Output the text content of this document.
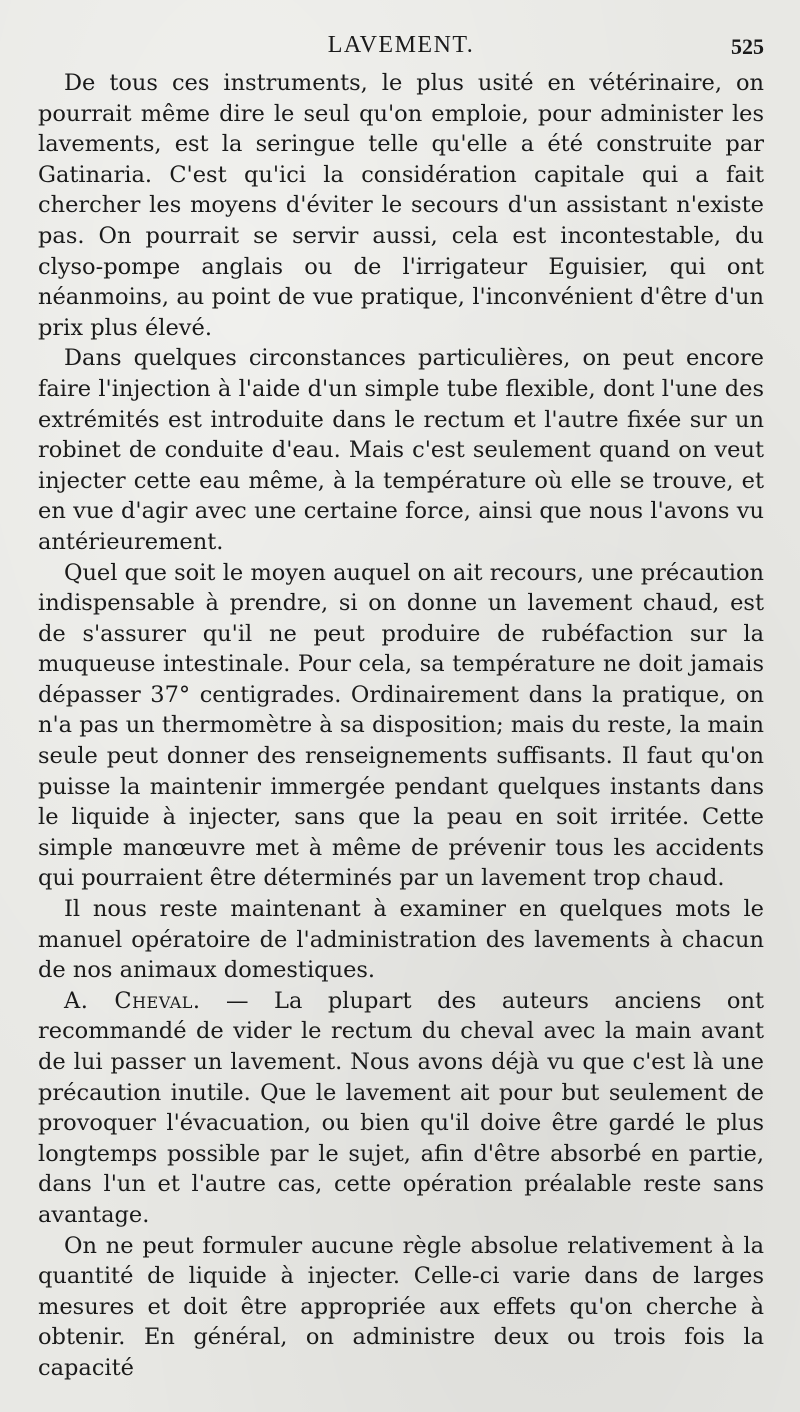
LAVEMENT.	525

De tous ces instruments, le plus usité en vétérinaire, on pourrait même dire le seul qu'on emploie, pour administer les lavements, est la seringue telle qu'elle a été construite par Gatinaria. C'est qu'ici la considération capitale qui a fait chercher les moyens d'éviter le secours d'un assistant n'existe pas. On pourrait se servir aussi, cela est incontestable, du clyso-pompe anglais ou de l'irrigateur Eguisier, qui ont néanmoins, au point de vue pratique, l'inconvénient d'être d'un prix plus élevé.

Dans quelques circonstances particulières, on peut encore faire l'injection à l'aide d'un simple tube flexible, dont l'une des extrémités est introduite dans le rectum et l'autre fixée sur un robinet de conduite d'eau. Mais c'est seulement quand on veut injecter cette eau même, à la température où elle se trouve, et en vue d'agir avec une certaine force, ainsi que nous l'avons vu antérieurement.

Quel que soit le moyen auquel on ait recours, une précaution indispensable à prendre, si on donne un lavement chaud, est de s'assurer qu'il ne peut produire de rubéfaction sur la muqueuse intestinale. Pour cela, sa température ne doit jamais dépasser 37° centigrades. Ordinairement dans la pratique, on n'a pas un thermomètre à sa disposition; mais du reste, la main seule peut donner des renseignements suffisants. Il faut qu'on puisse la maintenir immergée pendant quelques instants dans le liquide à injecter, sans que la peau en soit irritée. Cette simple manœuvre met à même de prévenir tous les accidents qui pourraient être déterminés par un lavement trop chaud.

Il nous reste maintenant à examiner en quelques mots le manuel opératoire de l'administration des lavements à chacun de nos animaux domestiques.

A. Cheval. — La plupart des auteurs anciens ont recommandé de vider le rectum du cheval avec la main avant de lui passer un lavement. Nous avons déjà vu que c'est là une précaution inutile. Que le lavement ait pour but seulement de provoquer l'évacuation, ou bien qu'il doive être gardé le plus longtemps possible par le sujet, afin d'être absorbé en partie, dans l'un et l'autre cas, cette opération préalable reste sans avantage.

On ne peut formuler aucune règle absolue relativement à la quantité de liquide à injecter. Celle-ci varie dans de larges mesures et doit être appropriée aux effets qu'on cherche à obtenir. En général, on administre deux ou trois fois la capacité
